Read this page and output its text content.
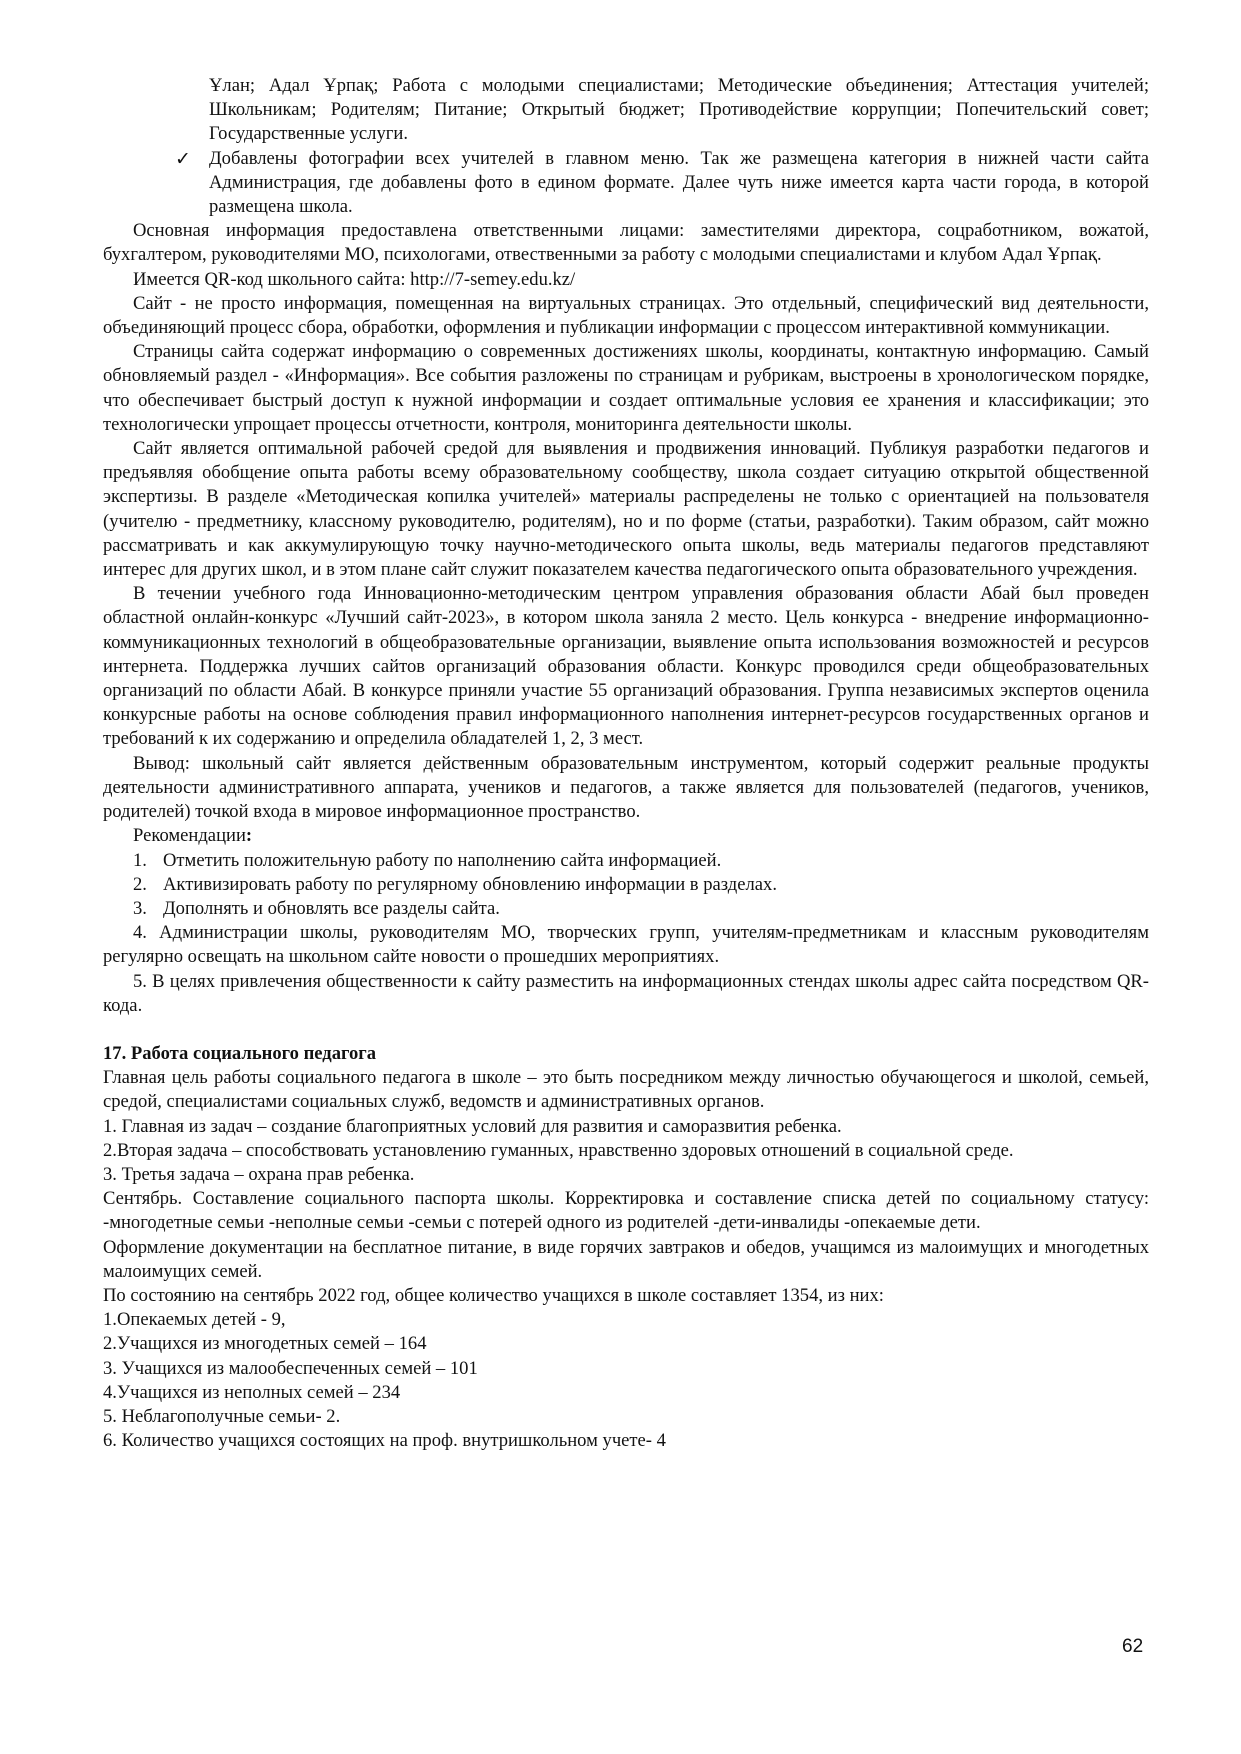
Ұлан; Адал Ұрпақ; Работа с молодыми специалистами; Методические объединения; Аттестация учителей; Школьникам; Родителям; Питание; Открытый бюджет; Противодействие коррупции; Попечительский совет; Государственные услуги.

✓ Добавлены фотографии всех учителей в главном меню. Так же размещена категория в нижней части сайта Администрация, где добавлены фото в едином формате. Далее чуть ниже имеется карта части города, в которой размещена школа.

Основная информация предоставлена ответственными лицами: заместителями директора, соцработником, вожатой, бухгалтером, руководителями МО, психологами, отвественными за работу с молодыми специалистами и клубом Адал Ұрпақ.

Имеется QR-код школьного сайта: http://7-semey.edu.kz/

Сайт - не просто информация, помещенная на виртуальных страницах. Это отдельный, специфический вид деятельности, объединяющий процесс сбора, обработки, оформления и публикации информации с процессом интерактивной коммуникации.

Страницы сайта содержат информацию о современных достижениях школы, координаты, контактную информацию. Самый обновляемый раздел - «Информация». Все события разложены по страницам и рубрикам, выстроены в хронологическом порядке, что обеспечивает быстрый доступ к нужной информации и создает оптимальные условия ее хранения и классификации; это технологически упрощает процессы отчетности, контроля, мониторинга деятельности школы.

Сайт является оптимальной рабочей средой для выявления и продвижения инноваций. Публикуя разработки педагогов и предъявляя обобщение опыта работы всему образовательному сообществу, школа создает ситуацию открытой общественной экспертизы. В разделе «Методическая копилка учителей» материалы распределены не только с ориентацией на пользователя (учителю - предметнику, классному руководителю, родителям), но и по форме (статьи, разработки). Таким образом, сайт можно рассматривать и как аккумулирующую точку научно-методического опыта школы, ведь материалы педагогов представляют интерес для других школ, и в этом плане сайт служит показателем качества педагогического опыта образовательного учреждения.

В течении учебного года Инновационно-методическим центром управления образования области Абай был проведен областной онлайн-конкурс «Лучший сайт-2023», в котором школа заняла 2 место. Цель конкурса - внедрение информационно-коммуникационных технологий в общеобразовательные организации, выявление опыта использования возможностей и ресурсов интернета. Поддержка лучших сайтов организаций образования области. Конкурс проводился среди общеобразовательных организаций по области Абай. В конкурсе приняли участие 55 организаций образования. Группа независимых экспертов оценила конкурсные работы на основе соблюдения правил информационного наполнения интернет-ресурсов государственных органов и требований к их содержанию и определила обладателей 1, 2, 3 мест.

Вывод: школьный сайт является действенным образовательным инструментом, который содержит реальные продукты деятельности административного аппарата, учеников и педагогов, а также является для пользователей (педагогов, учеников, родителей) точкой входа в мировое информационное пространство.

Рекомендации:

1. Отметить положительную работу по наполнению сайта информацией.

2. Активизировать работу по регулярному обновлению информации в разделах.

3. Дополнять и обновлять все разделы сайта.

4. Администрации школы, руководителям МО, творческих групп, учителям-предметникам и классным руководителям регулярно освещать на школьном сайте новости о прошедших мероприятиях.

5. В целях привлечения общественности к сайту разместить на информационных стендах школы адрес сайта посредством QR-кода.

17. Работа социального педагога

Главная цель работы социального педагога в школе – это быть посредником между личностью обучающегося и школой, семьей, средой, специалистами социальных служб, ведомств и административных органов.

1. Главная из задач – создание благоприятных условий для развития и саморазвития ребенка.

2.Вторая задача – способствовать установлению гуманных, нравственно здоровых отношений в социальной среде.

3. Третья задача – охрана прав ребенка.

Сентябрь. Составление социального паспорта школы. Корректировка и составление списка детей по социальному статусу: -многодетные семьи -неполные семьи -семьи с потерей одного из родителей -дети-инвалиды -опекаемые дети.

Оформление документации на бесплатное питание, в виде горячих завтраков и обедов, учащимся из малоимущих и многодетных малоимущих семей.

По состоянию на сентябрь 2022 год, общее количество учащихся в школе составляет 1354, из них:

1.Опекаемых детей - 9,

2.Учащихся из многодетных семей – 164

3. Учащихся из малообеспеченных семей – 101

4.Учащихся из неполных семей – 234

5. Неблагополучные семьи- 2.

6. Количество учащихся состоящих на проф. внутришкольном учете- 4

62
